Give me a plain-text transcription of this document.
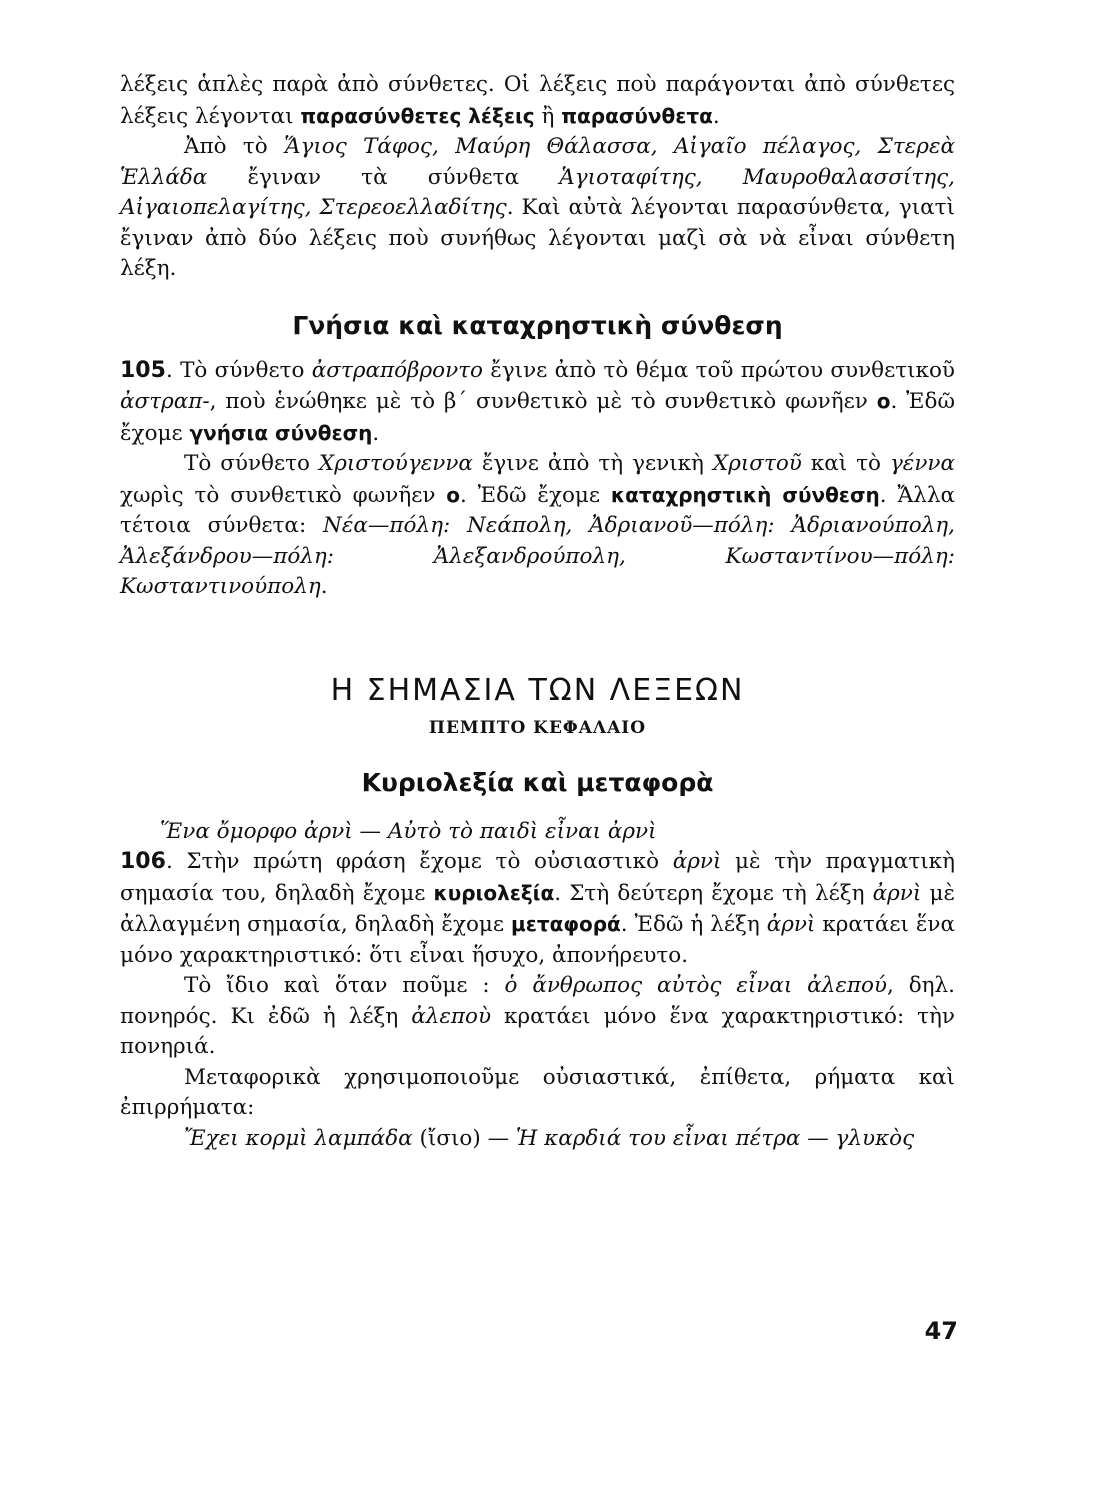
λέξεις ἁπλὲς παρὰ ἀπὸ σύνθετες. Οἱ λέξεις ποὺ παράγονται ἀπὸ σύνθετες λέξεις λέγονται παρασύνθετες λέξεις ἢ παρασύνθετα.

Ἀπὸ τὸ Ἅγιος Τάφος, Μαύρη Θάλασσα, Αἰγαῖο πέλαγος, Στερεὰ Ἑλλάδα ἔγιναν τὰ σύνθετα Ἁγιοταφίτης, Μαυροθαλασσίτης, Αἰγαιοπελαγίτης, Στερεοελλαδίτης. Καὶ αὐτὰ λέγονται παρασύνθετα, γιατὶ ἔγιναν ἀπὸ δύο λέξεις ποὺ συνήθως λέγονται μαζὶ σὰ νὰ εἶναι σύνθετη λέξη.

Γνήσια καὶ καταχρηστικὴ σύνθεση

105. Τὸ σύνθετο ἀστραπόβροντο ἔγινε ἀπὸ τὸ θέμα τοῦ πρώτου συνθετικοῦ ἀστραπ-, ποὺ ἑνώθηκε μὲ τὸ β΄ συνθετικὸ μὲ τὸ συνθετικὸ φωνῆεν ο. Ἐδῶ ἔχομε γνήσια σύνθεση.

Τὸ σύνθετο Χριστούγεννα ἔγινε ἀπὸ τὴ γενικὴ Χριστοῦ καὶ τὸ γέννα χωρὶς τὸ συνθετικὸ φωνῆεν ο. Ἐδῶ ἔχομε καταχρηστικὴ σύνθεση. Ἄλλα τέτοια σύνθετα: Νέα—πόλη: Νεάπολη, Ἀδριανοῦ—πόλη: Ἀδριανούπολη, Ἀλεξάνδρου—πόλη: Ἀλεξανδρούπολη, Κωσταντίνου—πόλη: Κωσταντινούπολη.

Η ΣΗΜΑΣΙΑ ΤΩΝ ΛΕΞΕΩΝ
ΠΕΜΠΤΟ ΚΕΦΑΛΑΙΟ
Κυριολεξία καὶ μεταφορὰ

Ἕνα ὄμορφο ἀρνὶ — Αὐτὸ τὸ παιδὶ εἶναι ἀρνὶ

106. Στὴν πρώτη φράση ἔχομε τὸ οὐσιαστικὸ ἀρνὶ μὲ τὴν πραγματικὴ σημασία του, δηλαδὴ ἔχομε κυριολεξία. Στὴ δεύτερη ἔχομε τὴ λέξη ἀρνὶ μὲ ἀλλαγμένη σημασία, δηλαδὴ ἔχομε μεταφορά. Ἐδῶ ἡ λέξη ἀρνὶ κρατάει ἕνα μόνο χαρακτηριστικό: ὅτι εἶναι ἥσυχο, ἀπονήρευτο.

Τὸ ἴδιο καὶ ὅταν ποῦμε : ὁ ἄνθρωπος αὐτὸς εἶναι ἀλεπού, δηλ. πονηρός. Κι ἐδῶ ἡ λέξη ἀλεποὺ κρατάει μόνο ἕνα χαρακτηριστικό: τὴν πονηριά.

Μεταφορικὰ χρησιμοποιοῦμε οὐσιαστικά, ἐπίθετα, ρήματα καὶ ἐπιρρήματα:

Ἔχει κορμὶ λαμπάδα (ἴσιο) — Ἡ καρδιά του εἶναι πέτρα — γλυκὸς

47
